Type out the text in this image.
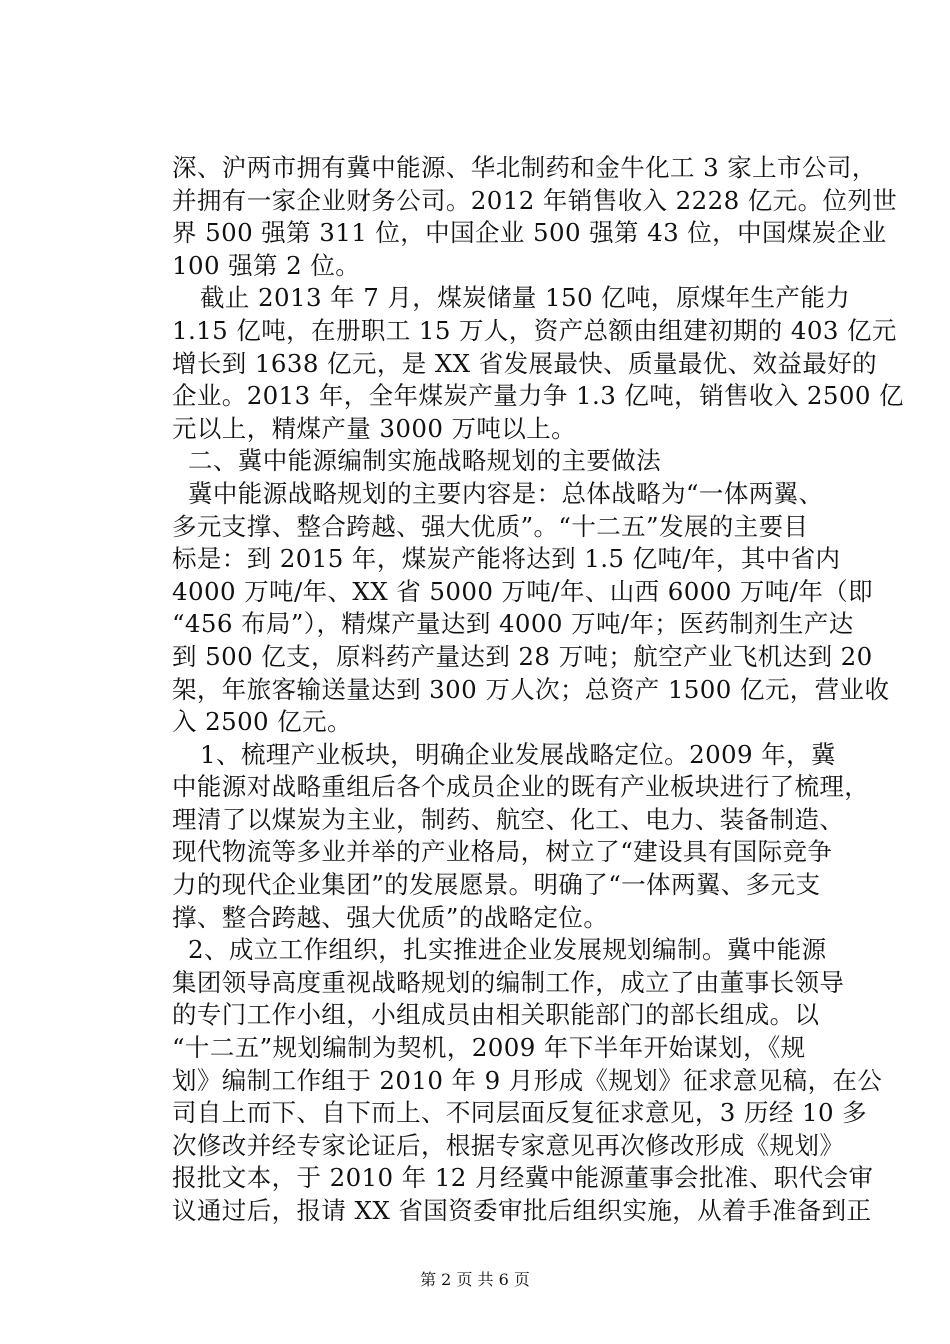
深、沪两市拥有冀中能源、华北制药和金牛化工 3 家上市公司，
并拥有一家企业财务公司。2012 年销售收入 2228 亿元。位列世
界 500 强第 311 位，中国企业 500 强第 43 位，中国煤炭企业
100 强第 2 位。
截止 2013 年 7 月，煤炭储量 150 亿吨，原煤年生产能力
1.15 亿吨，在册职工 15 万人，资产总额由组建初期的 403 亿元
增长到 1638 亿元，是 XX 省发展最快、质量最优、效益最好的
企业。2013 年，全年煤炭产量力争 1.3 亿吨，销售收入 2500 亿
元以上，精煤产量 3000 万吨以上。
二、冀中能源编制实施战略规划的主要做法
冀中能源战略规划的主要内容是：总体战略为“一体两翼、
多元支撑、整合跨越、强大优质”。“十二五”发展的主要目
标是：到 2015 年，煤炭产能将达到 1.5 亿吨/年，其中省内
4000 万吨/年、XX 省 5000 万吨/年、山西 6000 万吨/年（即
“456 布局”），精煤产量达到 4000 万吨/年；医药制剂生产达
到 500 亿支，原料药产量达到 28 万吨；航空产业飞机达到 20
架，年旅客输送量达到 300 万人次；总资产 1500 亿元，营业收
入 2500 亿元。
1、梳理产业板块，明确企业发展战略定位。2009 年，冀
中能源对战略重组后各个成员企业的既有产业板块进行了梳理，
理清了以煤炭为主业，制药、航空、化工、电力、装备制造、
现代物流等多业并举的产业格局，树立了“建设具有国际竞争
力的现代企业集团”的发展愿景。明确了“一体两翼、多元支
撑、整合跨越、强大优质”的战略定位。
2、成立工作组织，扎实推进企业发展规划编制。冀中能源
集团领导高度重视战略规划的编制工作，成立了由董事长领导
的专门工作小组，小组成员由相关职能部门的部长组成。以
“十二五”规划编制为契机，2009 年下半年开始谋划，《规
划》编制工作组于 2010 年 9 月形成《规划》征求意见稿，在公
司自上而下、自下而上、不同层面反复征求意见，3 历经 10 多
次修改并经专家论证后，根据专家意见再次修改形成《规划》
报批文本，于 2010 年 12 月经冀中能源董事会批准、职代会审
议通过后，报请 XX 省国资委审批后组织实施，从着手准备到正
第 2 页 共 6 页
